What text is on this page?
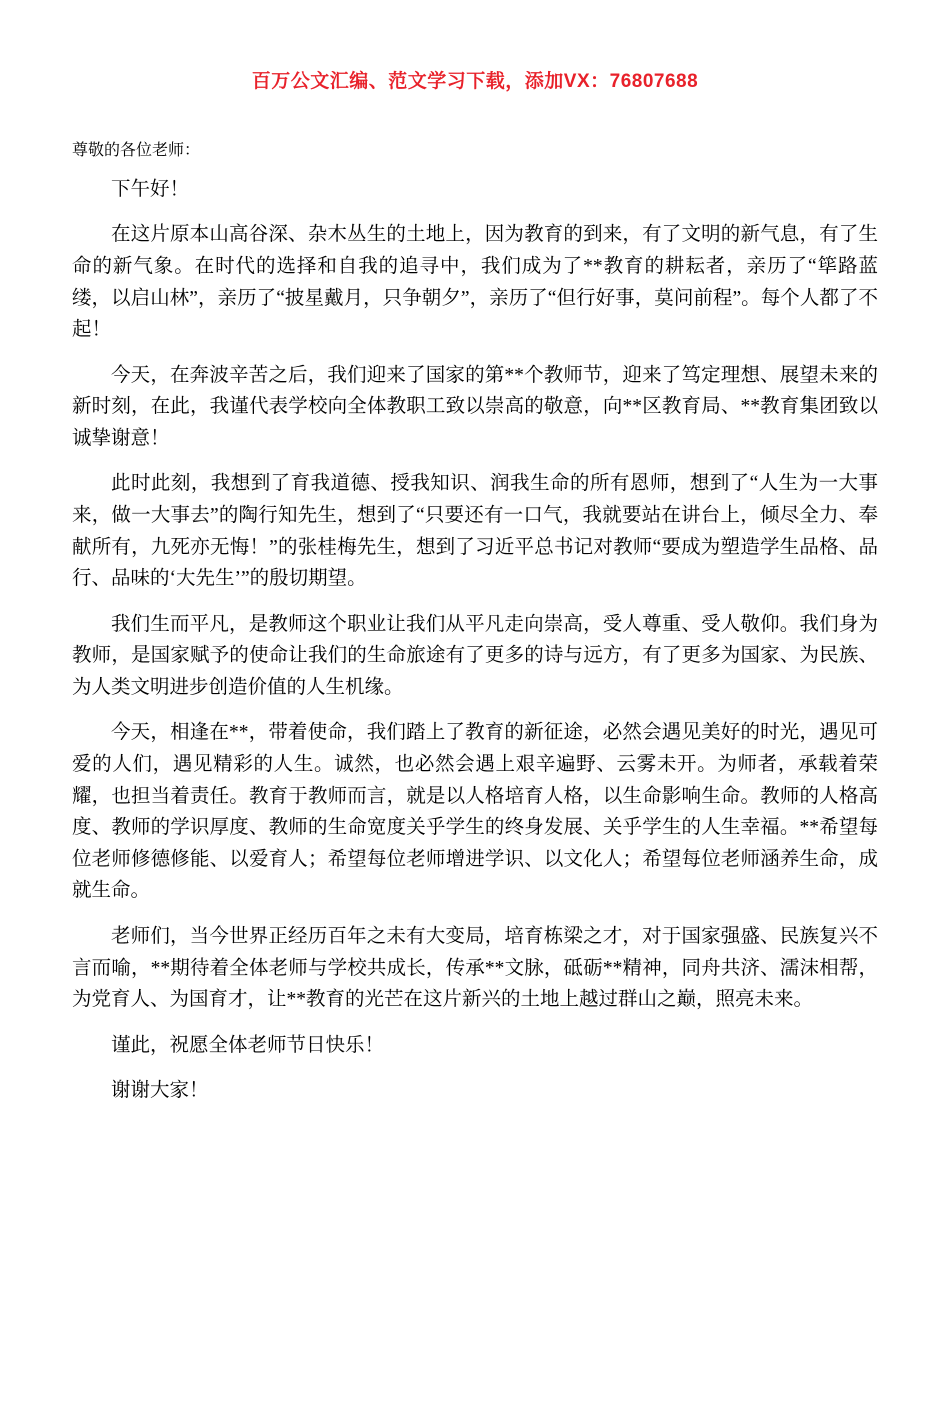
百万公文汇编、范文学习下载，添加VX：76807688
尊敬的各位老师：

下午好！

在这片原本山高谷深、杂木丛生的土地上，因为教育的到来，有了文明的新气息，有了生命的新气象。在时代的选择和自我的追寻中，我们成为了**教育的耕耘者，亲历了“筚路蓝缕，以启山林”，亲历了“披星戴月，只争朝夕”，亲历了“但行好事，莫问前程”。每个人都了不起！

今天，在奔波辛苦之后，我们迎来了国家的第**个教师节，迎来了笃定理想、展望未来的新时刻，在此，我谨代表学校向全体教职工致以崇高的敬意，向**区教育局、**教育集团致以诚挚谢意！

此时此刻，我想到了育我道德、授我知识、润我生命的所有恩师，想到了“人生为一大事来，做一大事去”的陶行知先生，想到了“只要还有一口气，我就要站在讲台上，倾尽全力、奉献所有，九死亦无悔！”的张桂梅先生，想到了习近平总书记对教师“要成为塑造学生品格、品行、品味的‘大先生’”的殷切期望。

我们生而平凡，是教师这个职业让我们从平凡走向崇高，受人尊重、受人敬仰。我们身为教师，是国家赋予的使命让我们的生命旅途有了更多的诗与远方，有了更多为国家、为民族、为人类文明进步创造价值的人生机缘。

今天，相逢在**，带着使命，我们踏上了教育的新征途，必然会遇见美好的时光，遇见可爱的人们，遇见精彩的人生。诚然，也必然会遇上艰辛遍野、云雾未开。为师者，承载着荣耀，也担当着责任。教育于教师而言，就是以人格培育人格，以生命影响生命。教师的人格高度、教师的学识厚度、教师的生命宽度关乎学生的终身发展、关乎学生的人生幸福。**希望每位老师修德修能、以爱育人；希望每位老师增进学识、以文化人；希望每位老师涵养生命，成就生命。

老师们，当今世界正经历百年之未有大变局，培育栋梁之才，对于国家强盛、民族复兴不言而喻，**期待着全体老师与学校共成长，传承**文脉，砥砺**精神，同舟共济、濡沫相帮，为党育人、为国育才，让**教育的光芒在这片新兴的土地上越过群山之巅，照亮未来。

谨此，祝愿全体老师节日快乐！

谢谢大家！
